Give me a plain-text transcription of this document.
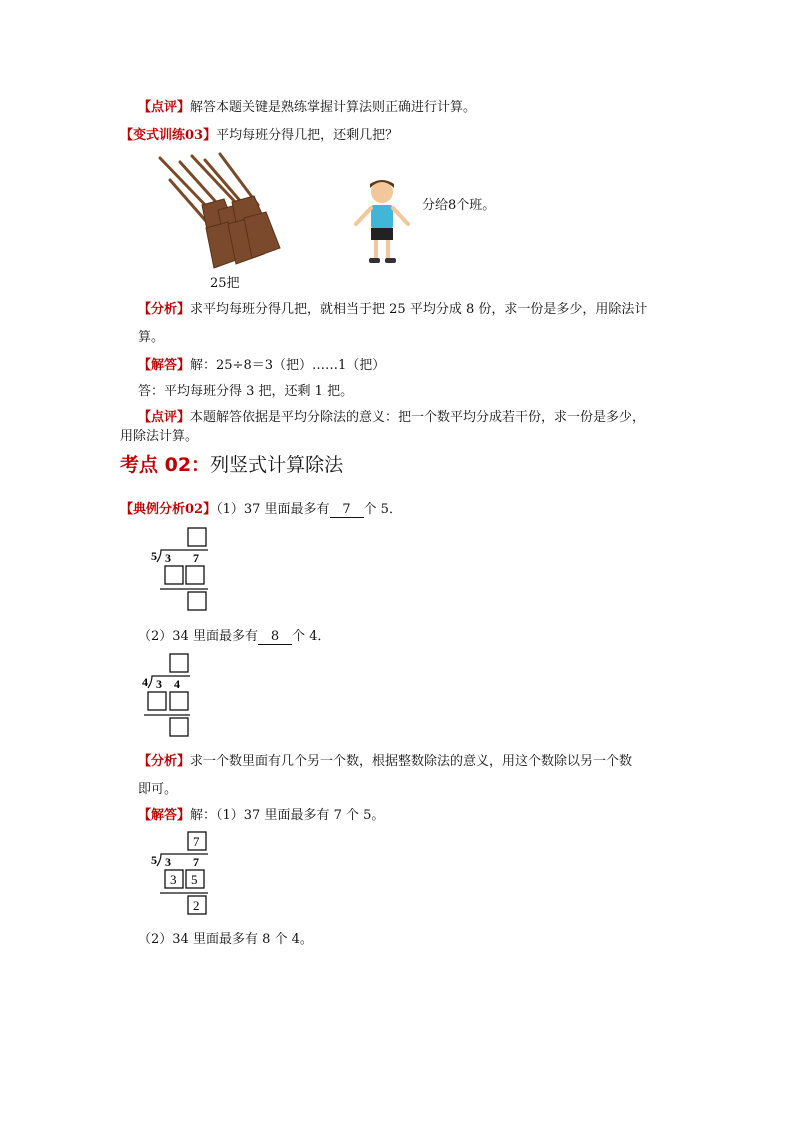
【点评】解答本题关键是熟练掌握计算法则正确进行计算。
【变式训练03】平均每班分得几把，还剩几把？
25把
分给8个班。
【分析】求平均每班分得几把，就相当于把 25 平均分成 8 份，求一份是多少，用除法计
算。
【解答】解：25÷8＝3（把）……1（把）
答：平均每班分得 3 把，还剩 1 把。
【点评】本题解答依据是平均分除法的意义：把一个数平均分成若干份，求一份是多少，
用除法计算。
考点 02：列竖式计算除法
【典例分析02】（1）37 里面最多有 7 个 5．
5 3 7
（2）34 里面最多有 8 个 4．
4 3 4
【分析】求一个数里面有几个另一个数，根据整数除法的意义，用这个数除以另一个数
即可。
【解答】解：（1）37 里面最多有 7 个 5。
7
5 3 7
3 5
2
（2）34 里面最多有 8 个 4。
